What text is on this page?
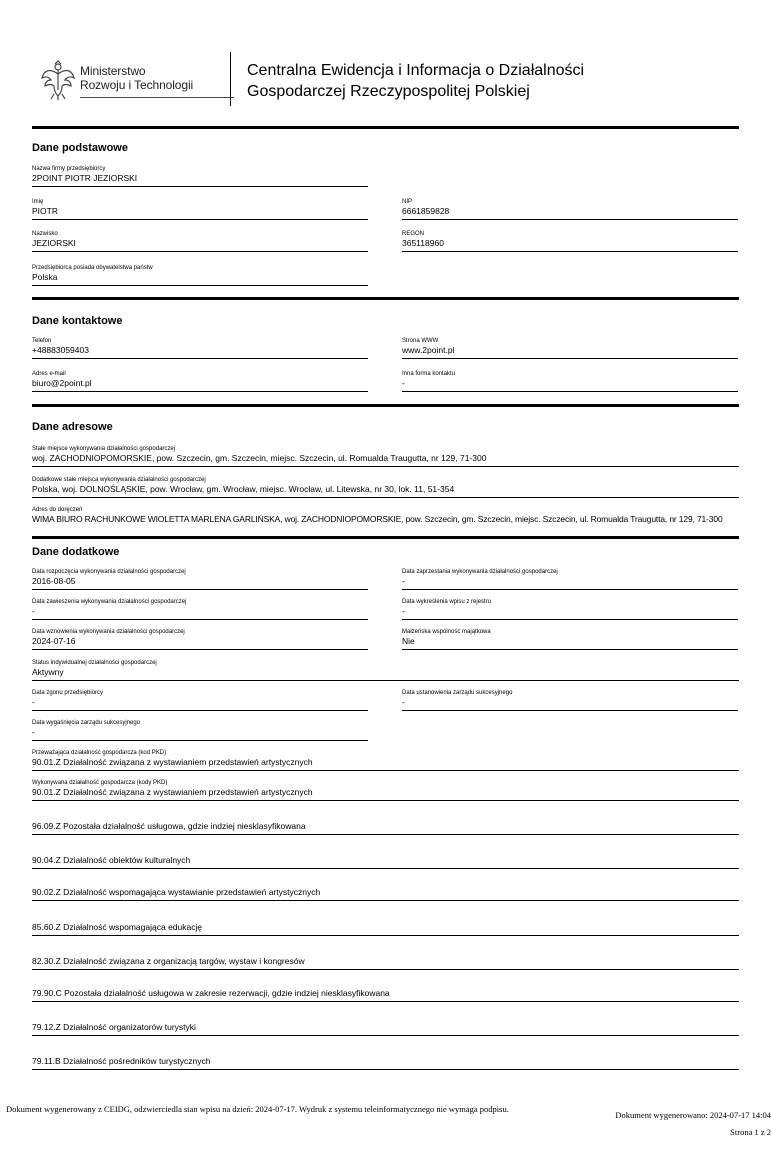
Ministerstwo
Rozwoju i Technologii
Centralna Ewidencja i Informacja o Działalności
Gospodarczej Rzeczypospolitej Polskiej
Dane podstawowe
Nazwa firmy przedsiębiorcy
2POINT PIOTR JEZIORSKI
Imię
PIOTR
NIP
6661859828
Nazwisko
JEZIORSKI
REGON
365118960
Przedsiębiorca posiada obywatelstwa państw
Polska
Dane kontaktowe
Telefon
+48883059403
Strona WWW
www.2point.pl
Adres e-mail
biuro@2point.pl
Inna forma kontaktu
-
Dane adresowe
Stałe miejsce wykonywania działalności gospodarczej
woj. ZACHODNIOPOMORSKIE, pow. Szczecin, gm. Szczecin, miejsc. Szczecin, ul. Romualda Traugutta, nr 129, 71-300
Dodatkowe stałe miejsca wykonywania działalności gospodarczej
Polska, woj. DOLNOŚLĄSKIE, pow. Wrocław, gm. Wrocław, miejsc. Wrocław, ul. Litewska, nr 30, lok. 11, 51-354
Adres do doręczeń
WIMA BIURO RACHUNKOWE WIOLETTA MARLENA GARLIŃSKA, woj. ZACHODNIOPOMORSKIE, pow. Szczecin, gm. Szczecin, miejsc. Szczecin, ul. Romualda Traugutta, nr 129, 71-300
Dane dodatkowe
Data rozpoczęcia wykonywania działalności gospodarczej
2016-08-05
Data zaprzestania wykonywania działalności gospodarczej
-
Data zawieszenia wykonywania działalności gospodarczej
-
Data wykreślenia wpisu z rejestru
-
Data wznowienia wykonywania działalności gospodarczej
2024-07-16
Małżeńska wspólność majątkowa
Nie
Status indywidualnej działalności gospodarczej
Aktywny
Data zgonu przedsiębiorcy
-
Data ustanowienia zarządu sukcesyjnego
-
Data wygaśnięcia zarządu sukcesyjnego
-
Przeważająca działalność gospodarcza (kod PKD)
90.01.Z Działalność związana z wystawianiem przedstawień artystycznych
Wykonywana działalność gospodarcza (kody PKD)
90.01.Z Działalność związana z wystawianiem przedstawień artystycznych
96.09.Z Pozostała działalność usługowa, gdzie indziej niesklasyfikowana
90.04.Z Działalność obiektów kulturalnych
90.02.Z Działalność wspomagająca wystawianie przedstawień artystycznych
85.60.Z Działalność wspomagająca edukację
82.30.Z Działalność związana z organizacją targów, wystaw i kongresów
79.90.C Pozostała działalność usługowa w zakresie rezerwacji, gdzie indziej niesklasyfikowana
79.12.Z Działalność organizatorów turystyki
79.11.B Działalność pośredników turystycznych
Dokument wygenerowany z CEIDG, odzwierciedla stan wpisu na dzień: 2024-07-17. Wydruk z systemu teleinformatycznego nie wymaga podpisu.
Dokument wygenerowano: 2024-07-17 14:04
Strona 1 z 2
